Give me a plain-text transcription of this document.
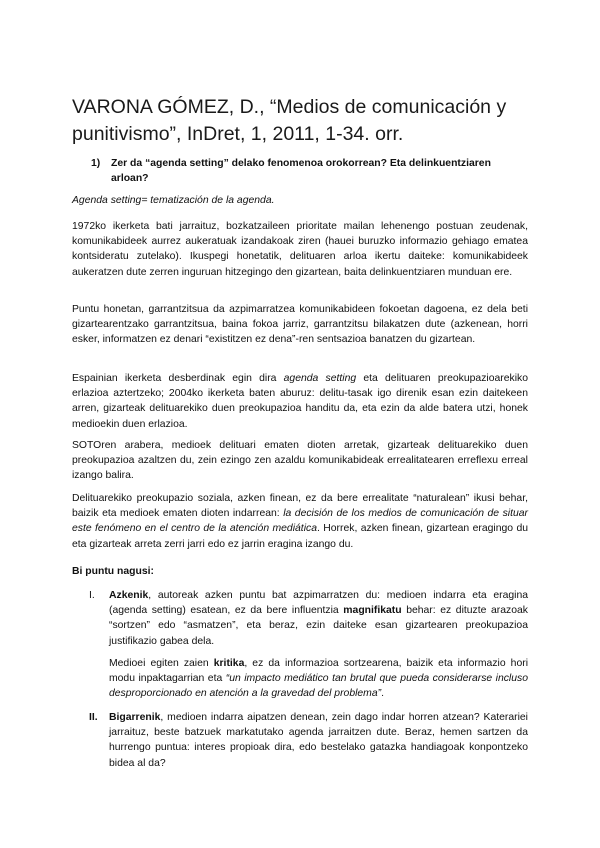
VARONA GÓMEZ, D., “Medios de comunicación y punitivismo”, InDret, 1, 2011, 1-34. orr.
1) Zer da “agenda setting” delako fenomenoa orokorrean? Eta delinkuentziaren arloan?
Agenda setting= tematización de la agenda.
1972ko ikerketa bati jarraituz, bozkatzaileen prioritate mailan lehenengo postuan zeudenak, komunikabideek aurrez aukeratuak izandakoak ziren (hauei buruzko informazio gehiago ematea kontsideratu zutelako). Ikuspegi honetatik, delituaren arloa ikertu daiteke: komunikabideek aukeratzen dute zerren inguruan hitzegingo den gizartean, baita delinkuentziaren munduan ere.
Puntu honetan, garrantzitsua da azpimarratzea komunikabideen fokoetan dagoena, ez dela beti gizartearentzako garrantzitsua, baina fokoa jarriz, garrantzitsu bilakatzen dute (azkenean, horri esker, informatzen ez denari “existitzen ez dena”-ren sentsazioa banatzen du gizartean.
Espainian ikerketa desberdinak egin dira agenda setting eta delituaren preokupazioarekiko erlazioa aztertzeko; 2004ko ikerketa baten aburuz: delitu-tasak igo direnik esan ezin daitekeen arren, gizarteak delituarekiko duen preokupazioa handitu da, eta ezin da alde batera utzi, honek medioekin duen erlazioa.
SOTOren arabera, medioek delituari ematen dioten arretak, gizarteak delituarekiko duen preokupazioa azaltzen du, zein ezingo zen azaldu komunikabideak errealitatearen erreflexu erreal izango balira.
Delituarekiko preokupazio soziala, azken finean, ez da bere errealitate “naturalean” ikusi behar, baizik eta medioek ematen dioten indarrean: la decisión de los medios de comunicación de situar este fenómeno en el centro de la atención mediática. Horrek, azken finean, gizartean eragingo du eta gizarteak arreta zerri jarri edo ez jarrin eragina izango du.
Bi puntu nagusi:
I. Azkenik, autoreak azken puntu bat azpimarratzen du: medioen indarra eta eragina (agenda setting) esatean, ez da bere influentzia magnifikatu behar: ez dituzte arazoak “sortzen” edo “asmatzen”, eta beraz, ezin daiteke esan gizartearen preokupazioa justifikazio gabea dela.
Medioei egiten zaien kritika, ez da informazioa sortzearena, baizik eta informazio hori modu inpaktagarrian eta “un impacto mediático tan brutal que pueda considerarse incluso desproporcionado en atención a la gravedad del problema”.
II. Bigarrenik, medioen indarra aipatzen denean, zein dago indar horren atzean? Katerariei jarraituz, beste batzuek markatutako agenda jarraitzen dute. Beraz, hemen sartzen da hurrengo puntua: interes propioak dira, edo bestelako gatazka handiagoak konpontzeko bidea al da?
